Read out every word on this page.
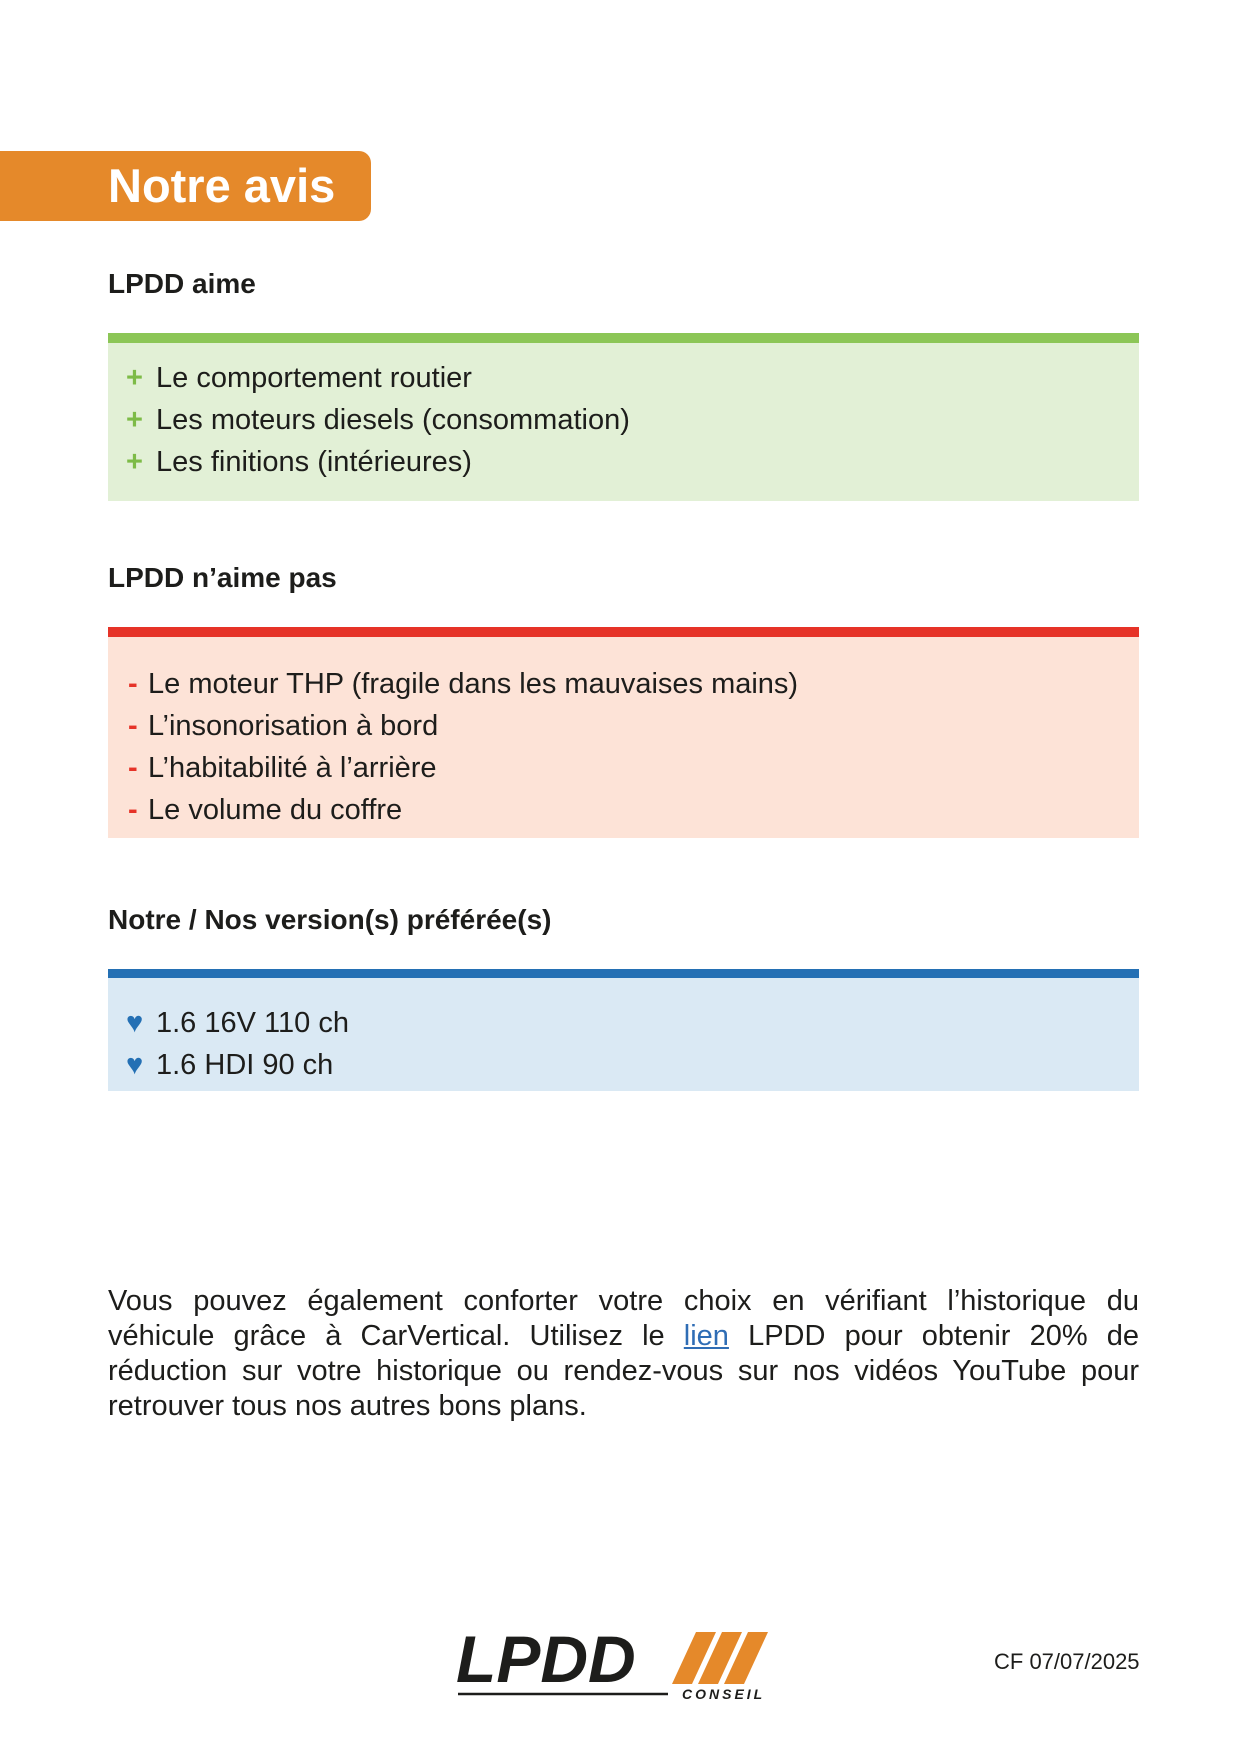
Notre avis
LPDD aime
+ Le comportement routier
+ Les moteurs diesels (consommation)
+ Les finitions (intérieures)
LPDD n’aime pas
- Le moteur THP (fragile dans les mauvaises mains)
- L’insonorisation à bord
- L’habitabilité à l’arrière
- Le volume du coffre
Notre / Nos version(s) préférée(s)
♥ 1.6 16V 110 ch
♥ 1.6 HDI 90 ch

Vous pouvez également conforter votre choix en vérifiant l’historique du véhicule grâce à CarVertical. Utilisez le lien LPDD pour obtenir 20% de réduction sur votre historique ou rendez-vous sur nos vidéos YouTube pour retrouver tous nos autres bons plans.

LPDD	CONSEIL
CF 07/07/2025
